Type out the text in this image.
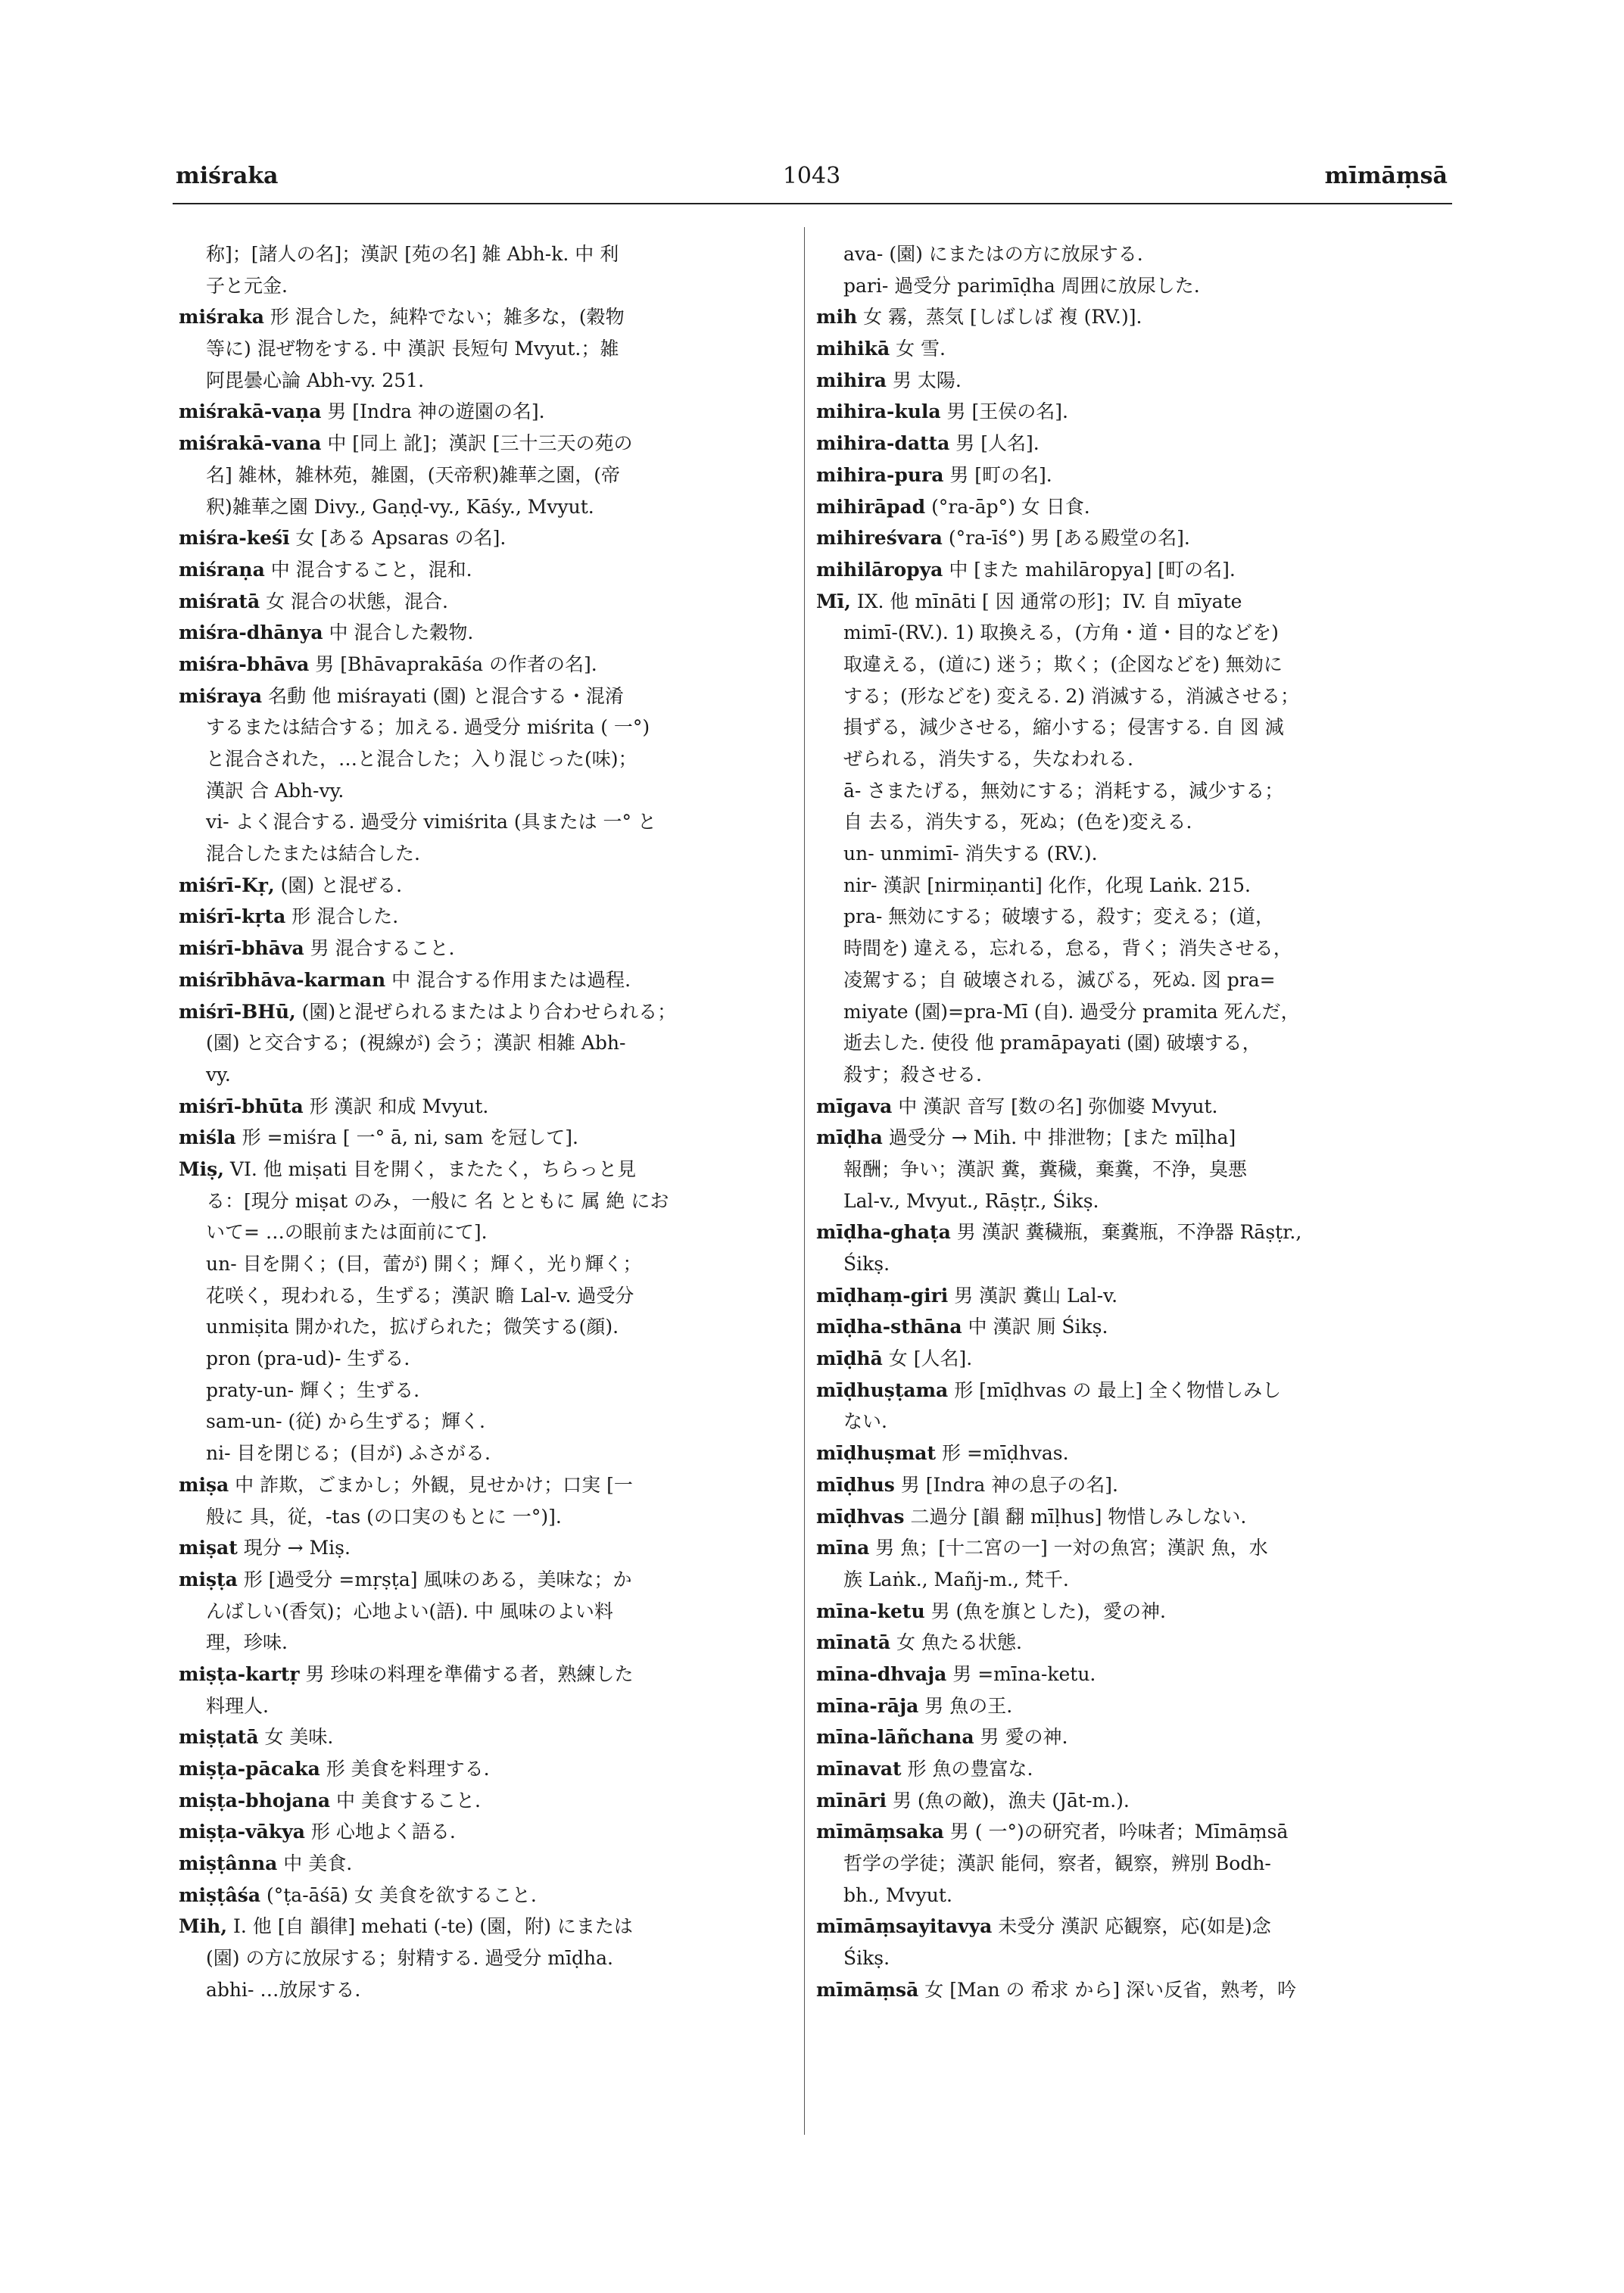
miśraka	1043	mīmāṃsā
称]；[諸人の名]；漢訳 [苑の名] 雑 Abh-k. 中 利
子と元金.
miśraka 形 混合した，純粋でない；雑多な，(穀物
等に) 混ぜ物をする. 中 漢訳 長短句 Mvyut.；雑
阿毘曇心論 Abh-vy. 251.
miśrakā-vaṇa 男 [Indra 神の遊園の名].
miśrakā-vana 中 [同上 訛]；漢訳 [三十三天の苑の
名] 雑林，雑林苑，雑園，(天帝釈)雑華之園，(帝
釈)雑華之園 Divy., Gaṇḍ-vy., Kāśy., Mvyut.
miśra-keśī 女 [ある Apsaras の名].
miśraṇa 中 混合すること，混和.
miśratā 女 混合の状態，混合.
miśra-dhānya 中 混合した穀物.
miśra-bhāva 男 [Bhāvaprakāśa の作者の名].
miśraya 名動 他 miśrayati (園) と混合する・混淆
するまたは結合する；加える. 過受分 miśrita ( 一°)
と混合された，…と混合した；入り混じった(味)；
漢訳 合 Abh-vy.
vi- よく混合する. 過受分 vimiśrita (具または 一° と
混合したまたは結合した.
miśrī-Kṛ, (園) と混ぜる.
miśrī-kṛta 形 混合した.
miśrī-bhāva 男 混合すること.
miśrībhāva-karman 中 混合する作用または過程.
miśrī-BHū, (園)と混ぜられるまたはより合わせられる；
(園) と交合する；(視線が) 会う；漢訳 相雑 Abh-
vy.
miśrī-bhūta 形 漢訳 和成 Mvyut.
miśla 形 =miśra [ 一° ā, ni, sam を冠して].
Miṣ, VI. 他 miṣati 目を開く，またたく，ちらっと見
る：[現分 miṣat のみ，一般に 名 とともに 属 絶 にお
いて= …の眼前または面前にて].
un- 目を開く；(目，蕾が) 開く；輝く，光り輝く；
花咲く，現われる，生ずる；漢訳 瞻 Lal-v. 過受分
unmiṣita 開かれた，拡げられた；微笑する(顔).
pron (pra-ud)- 生ずる.
praty-un- 輝く；生ずる.
sam-un- (従) から生ずる；輝く.
ni- 目を閉じる；(目が) ふさがる.
miṣa 中 詐欺，ごまかし；外観，見せかけ；口実 [一
般に 具，従，-tas (の口実のもとに 一°)].
miṣat 現分 → Miṣ.
miṣṭa 形 [過受分 =mṛṣṭa] 風味のある，美味な；か
んばしい(香気)；心地よい(語). 中 風味のよい料
理，珍味.
miṣṭa-kartṛ 男 珍味の料理を準備する者，熟練した
料理人.
miṣṭatā 女 美味.
miṣṭa-pācaka 形 美食を料理する.
miṣṭa-bhojana 中 美食すること.
miṣṭa-vākya 形 心地よく語る.
miṣṭânna 中 美食.
miṣṭâśa (°ṭa-āśā) 女 美食を欲すること.
Mih, I. 他 [自 韻律] mehati (-te) (園，附) にまたは
(園) の方に放尿する；射精する. 過受分 mīḍha.
abhi- …放尿する.
ava- (園) にまたはの方に放尿する.
pari- 過受分 parimīḍha 周囲に放尿した.
mih 女 霧，蒸気 [しばしば 複 (RV.)].
mihikā 女 雪.
mihira 男 太陽.
mihira-kula 男 [王侯の名].
mihira-datta 男 [人名].
mihira-pura 男 [町の名].
mihirāpad (°ra-āp°) 女 日食.
mihireśvara (°ra-īś°) 男 [ある殿堂の名].
mihilāropya 中 [また mahilāropya] [町の名].
Mī, IX. 他 mīnāti [ 因 通常の形]；IV. 自 mīyate
mimī-(RV.). 1) 取換える，(方角・道・目的などを)
取違える，(道に) 迷う；欺く；(企図などを) 無効に
する；(形などを) 変える. 2) 消滅する，消滅させる；
損ずる，減少させる，縮小する；侵害する. 自 図 減
ぜられる，消失する，失なわれる.
ā- さまたげる，無効にする；消耗する，減少する；
自 去る，消失する，死ぬ；(色を)変える.
un- unmimī- 消失する (RV.).
nir- 漢訳 [nirmiṇanti] 化作，化現 Laṅk. 215.
pra- 無効にする；破壊する，殺す；変える；(道，
時間を) 違える，忘れる，怠る，背く；消失させる，
凌駕する；自 破壊される，滅びる，死ぬ. 図 pra=
miyate (園)=pra-Mī (自). 過受分 pramita 死んだ，
逝去した. 使役 他 pramāpayati (園) 破壊する，
殺す；殺させる.
mīgava 中 漢訳 音写 [数の名] 弥伽婆 Mvyut.
mīḍha 過受分 → Mih. 中 排泄物；[また mīḷha]
報酬；争い；漢訳 糞，糞穢，棄糞，不浄，臭悪
Lal-v., Mvyut., Rāṣṭr., Śikṣ.
mīḍha-ghaṭa 男 漢訳 糞穢瓶，棄糞瓶，不浄器 Rāṣṭr.,
Śikṣ.
mīḍhaṃ-giri 男 漢訳 糞山 Lal-v.
mīḍha-sthāna 中 漢訳 厠 Śikṣ.
mīḍhā 女 [人名].
mīḍhuṣṭama 形 [mīḍhvas の 最上] 全く物惜しみし
ない.
mīḍhuṣmat 形 =mīḍhvas.
mīḍhus 男 [Indra 神の息子の名].
mīḍhvas 二過分 [韻 翻 mīḷhus] 物惜しみしない.
mīna 男 魚；[十二宮の一] 一対の魚宮；漢訳 魚，水
族 Laṅk., Mañj-m., 梵千.
mīna-ketu 男 (魚を旗とした)，愛の神.
mīnatā 女 魚たる状態.
mīna-dhvaja 男 =mīna-ketu.
mīna-rāja 男 魚の王.
mīna-lāñchana 男 愛の神.
mīnavat 形 魚の豊富な.
mīnāri 男 (魚の敵)，漁夫 (Jāt-m.).
mīmāṃsaka 男 ( 一°)の研究者，吟味者；Mīmāṃsā
哲学の学徒；漢訳 能伺，察者，観察，辨別 Bodh-
bh., Mvyut.
mīmāṃsayitavya 未受分 漢訳 応観察，応(如是)念
Śikṣ.
mīmāṃsā 女 [Man の 希求 から] 深い反省，熟考，吟
